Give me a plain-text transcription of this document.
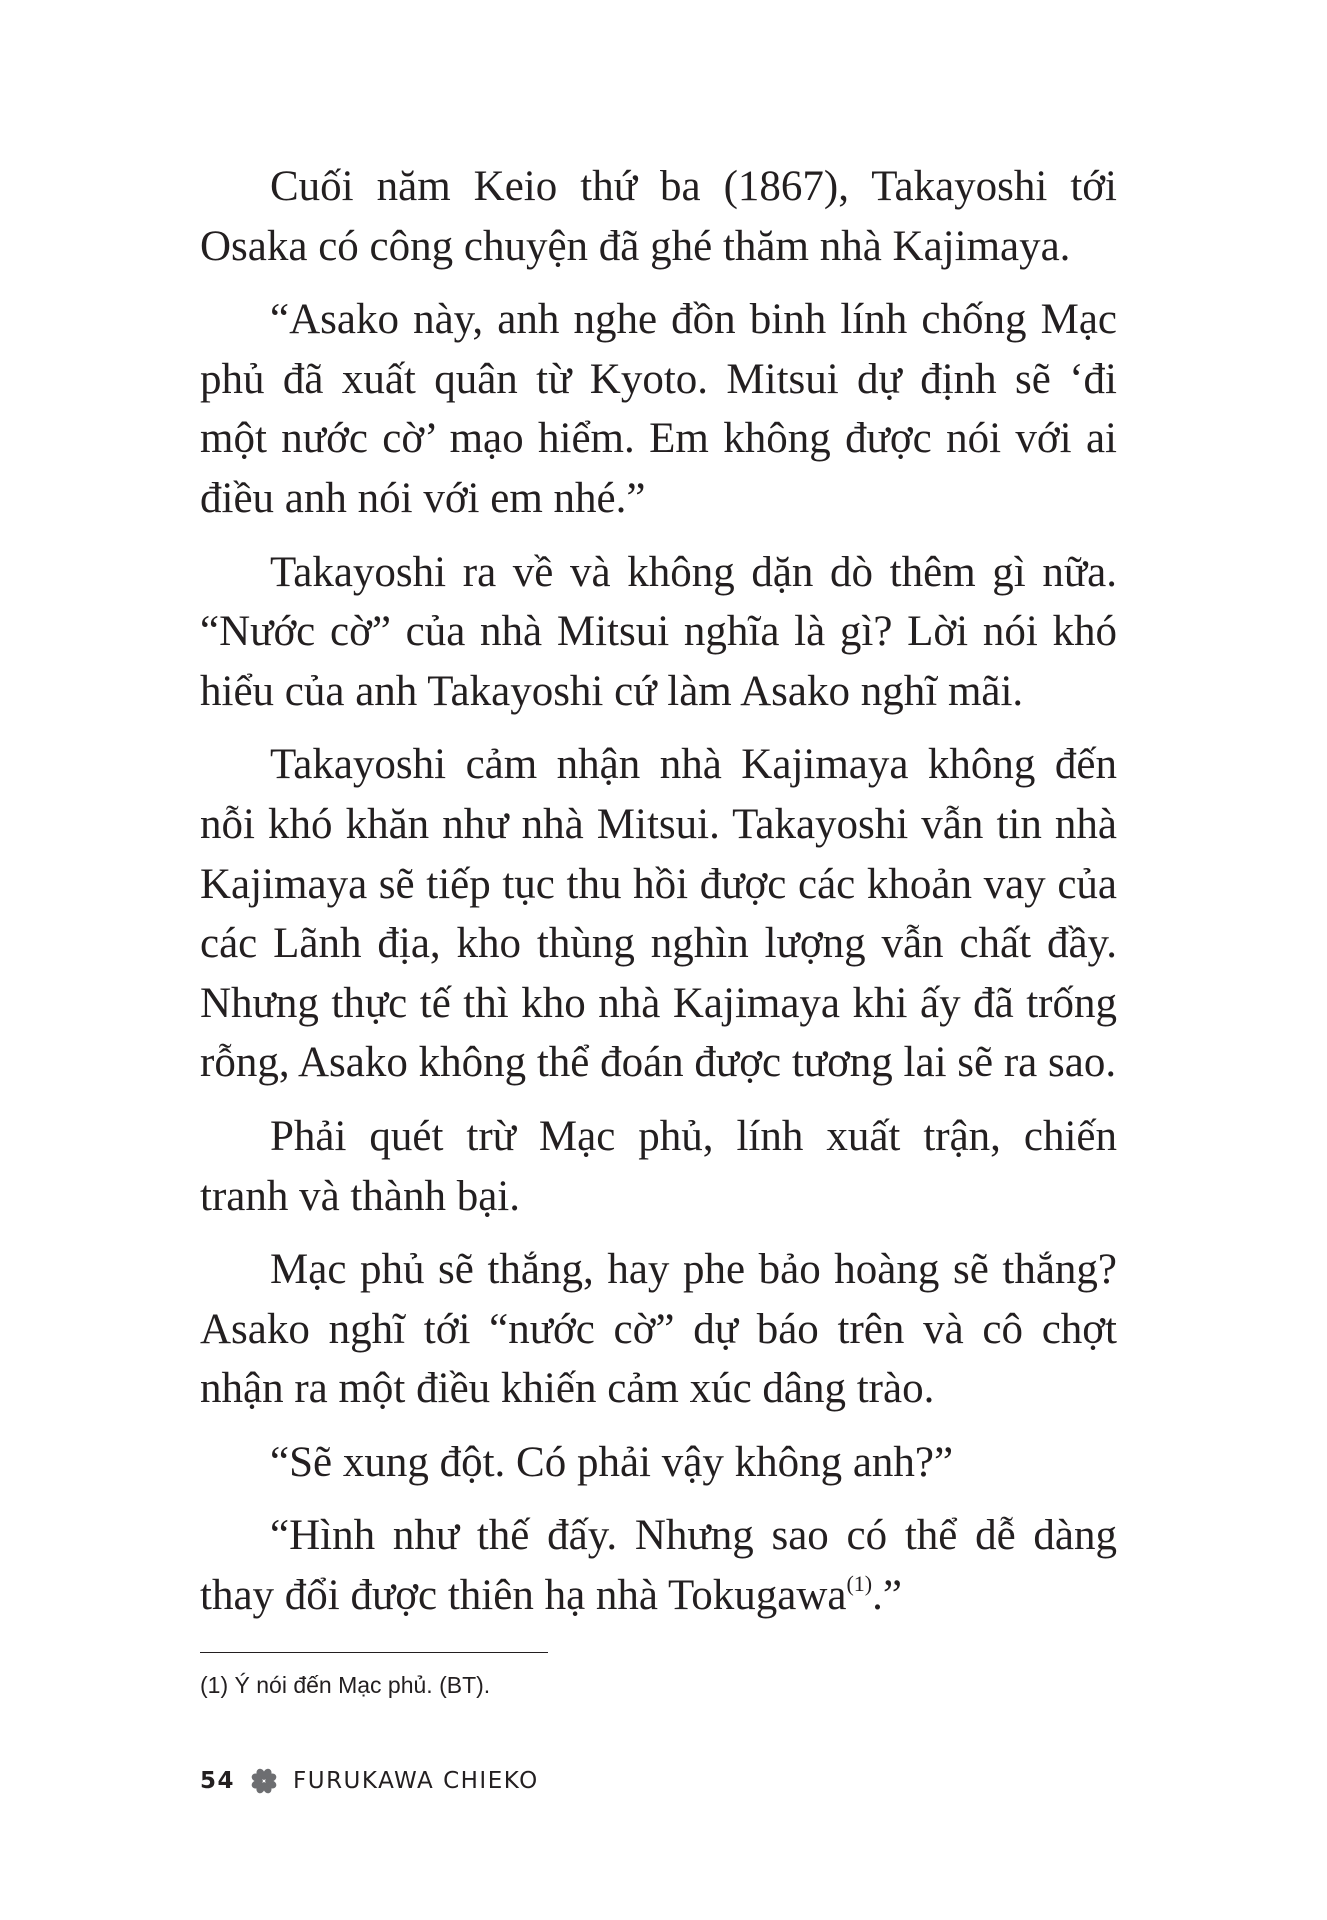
Cuối năm Keio thứ ba (1867), Takayoshi tới Osaka có công chuyện đã ghé thăm nhà Kajimaya.

“Asako này, anh nghe đồn binh lính chống Mạc phủ đã xuất quân từ Kyoto. Mitsui dự định sẽ ‘đi một nước cờ’ mạo hiểm. Em không được nói với ai điều anh nói với em nhé.”

Takayoshi ra về và không dặn dò thêm gì nữa. “Nước cờ” của nhà Mitsui nghĩa là gì? Lời nói khó hiểu của anh Takayoshi cứ làm Asako nghĩ mãi.

Takayoshi cảm nhận nhà Kajimaya không đến nỗi khó khăn như nhà Mitsui. Takayoshi vẫn tin nhà Kajimaya sẽ tiếp tục thu hồi được các khoản vay của các Lãnh địa, kho thùng nghìn lượng vẫn chất đầy. Nhưng thực tế thì kho nhà Kajimaya khi ấy đã trống rỗng, Asako không thể đoán được tương lai sẽ ra sao.

Phải quét trừ Mạc phủ, lính xuất trận, chiến tranh và thành bại.

Mạc phủ sẽ thắng, hay phe bảo hoàng sẽ thắng? Asako nghĩ tới “nước cờ” dự báo trên và cô chợt nhận ra một điều khiến cảm xúc dâng trào.

“Sẽ xung đột. Có phải vậy không anh?”

“Hình như thế đấy. Nhưng sao có thể dễ dàng thay đổi được thiên hạ nhà Tokugawa$^{(1)}$.”

(1) Ý nói đến Mạc phủ. (BT).
54	FURUKAWA CHIEKO
